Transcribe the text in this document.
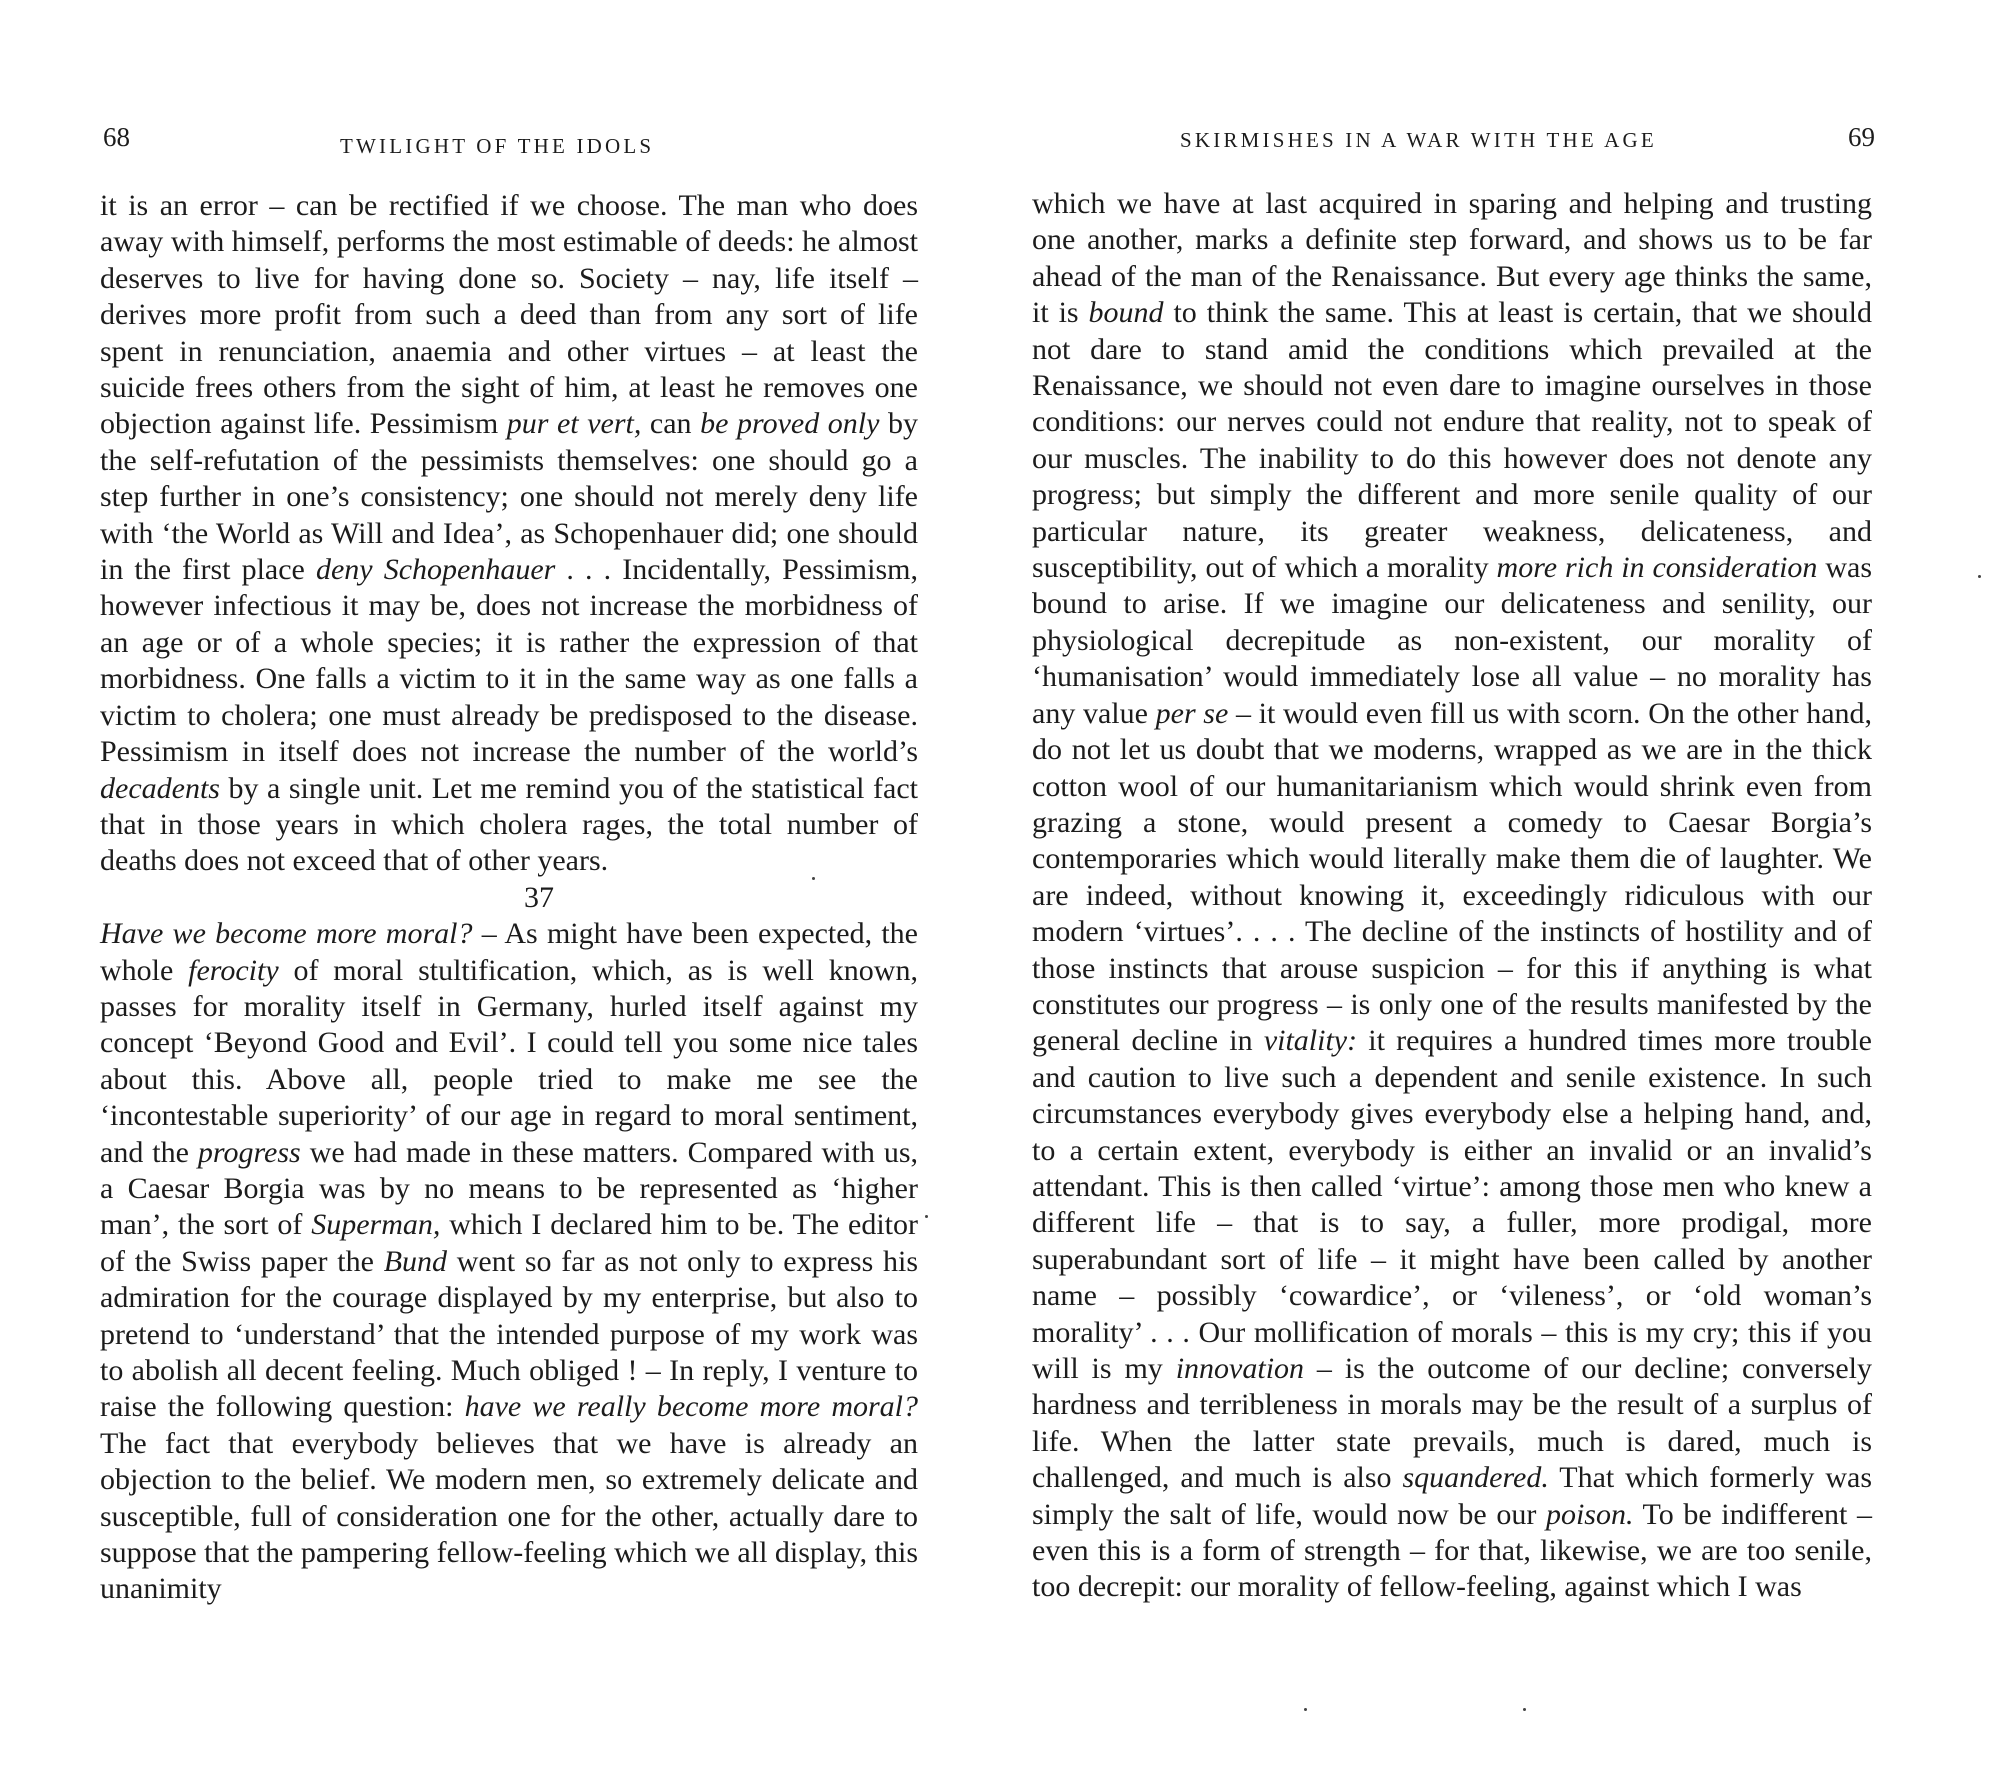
68	TWILIGHT OF THE IDOLS

it is an error – can be rectified if we choose. The man who does away with himself, performs the most estimable of deeds: he almost deserves to live for having done so. Society – nay, life itself – derives more profit from such a deed than from any sort of life spent in renunciation, anaemia and other virtues – at least the suicide frees others from the sight of him, at least he removes one objection against life. Pessimism pur et vert, can be proved only by the self-refutation of the pessimists themselves: one should go a step further in one’s consistency; one should not merely deny life with ‘the World as Will and Idea’, as Schopenhauer did; one should in the first place deny Schopenhauer . . . Incidentally, Pessimism, however infectious it may be, does not increase the morbidness of an age or of a whole species; it is rather the expression of that morbidness. One falls a victim to it in the same way as one falls a victim to cholera; one must already be predisposed to the disease. Pessimism in itself does not increase the number of the world’s decadents by a single unit. Let me remind you of the statistical fact that in those years in which cholera rages, the total number of deaths does not exceed that of other years.

37

Have we become more moral? – As might have been expected, the whole ferocity of moral stultification, which, as is well known, passes for morality itself in Germany, hurled itself against my concept ‘Beyond Good and Evil’. I could tell you some nice tales about this. Above all, people tried to make me see the ‘incontestable superiority’ of our age in regard to moral sentiment, and the progress we had made in these matters. Compared with us, a Caesar Borgia was by no means to be represented as ‘higher man’, the sort of Superman, which I declared him to be. The editor of the Swiss paper the Bund went so far as not only to express his admiration for the courage displayed by my enterprise, but also to pretend to ‘understand’ that the intended purpose of my work was to abolish all decent feeling. Much obliged ! – In reply, I venture to raise the following question: have we really become more moral? The fact that everybody believes that we have is already an objection to the belief. We modern men, so extremely delicate and susceptible, full of consideration one for the other, actually dare to suppose that the pampering fellow-feeling which we all display, this unanimity

SKIRMISHES IN A WAR WITH THE AGE	69

which we have at last acquired in sparing and helping and trusting one another, marks a definite step forward, and shows us to be far ahead of the man of the Renaissance. But every age thinks the same, it is bound to think the same. This at least is certain, that we should not dare to stand amid the conditions which prevailed at the Renaissance, we should not even dare to imagine ourselves in those conditions: our nerves could not endure that reality, not to speak of our muscles. The inability to do this however does not denote any progress; but simply the different and more senile quality of our particular nature, its greater weakness, delicateness, and susceptibility, out of which a morality more rich in consideration was bound to arise. If we imagine our delicateness and senility, our physiological decrepitude as non-existent, our morality of ‘humanisation’ would immediately lose all value – no morality has any value per se – it would even fill us with scorn. On the other hand, do not let us doubt that we moderns, wrapped as we are in the thick cotton wool of our humanitarianism which would shrink even from grazing a stone, would present a comedy to Caesar Borgia’s contemporaries which would literally make them die of laughter. We are indeed, without knowing it, exceedingly ridiculous with our modern ‘virtues’. . . . The decline of the instincts of hostility and of those instincts that arouse suspicion – for this if anything is what constitutes our progress – is only one of the results manifested by the general decline in vitality: it requires a hundred times more trouble and caution to live such a dependent and senile existence. In such circumstances everybody gives everybody else a helping hand, and, to a certain extent, everybody is either an invalid or an invalid’s attendant. This is then called ‘virtue’: among those men who knew a different life – that is to say, a fuller, more prodigal, more superabundant sort of life – it might have been called by another name – possibly ‘cowardice’, or ‘vileness’, or ‘old woman’s morality’ . . . Our mollification of morals – this is my cry; this if you will is my innovation – is the outcome of our decline; conversely hardness and terribleness in morals may be the result of a surplus of life. When the latter state prevails, much is dared, much is challenged, and much is also squandered. That which formerly was simply the salt of life, would now be our poison. To be indifferent – even this is a form of strength – for that, likewise, we are too senile, too decrepit: our morality of fellow-feeling, against which I was
